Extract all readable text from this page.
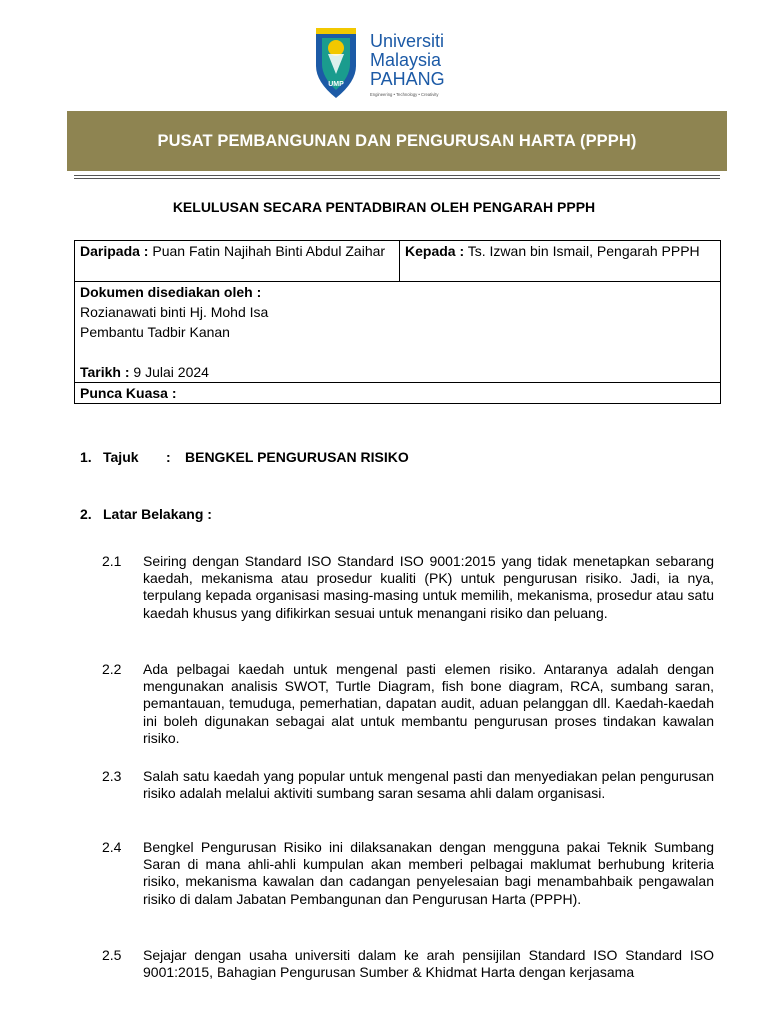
UMP
Universiti
Malaysia
PAHANG
Engineering • Technology • Creativity
PUSAT PEMBANGUNAN DAN PENGURUSAN HARTA (PPPH)
KELULUSAN SECARA PENTADBIRAN OLEH PENGARAH PPPH
Daripada : Puan Fatin Najihah Binti Abdul Zaihar	Kepada : Ts. Izwan bin Ismail, Pengarah PPPH

Dokumen disediakan oleh :
Rozianawati binti Hj. Mohd Isa
Pembantu Tadbir Kanan
Tarikh : 9 Julai 2024

Punca Kuasa :
1. Tajuk : BENGKEL PENGURUSAN RISIKO
2. Latar Belakang :
2.1 Seiring dengan Standard ISO Standard ISO 9001:2015 yang tidak menetapkan sebarang kaedah, mekanisma atau prosedur kualiti (PK) untuk pengurusan risiko. Jadi, ia nya, terpulang kepada organisasi masing-masing untuk memilih, mekanisma, prosedur atau satu kaedah khusus yang difikirkan sesuai untuk menangani risiko dan peluang.
2.2 Ada pelbagai kaedah untuk mengenal pasti elemen risiko. Antaranya adalah dengan mengunakan analisis SWOT, Turtle Diagram, fish bone diagram, RCA, sumbang saran, pemantauan, temuduga, pemerhatian, dapatan audit, aduan pelanggan dll. Kaedah-kaedah ini boleh digunakan sebagai alat untuk membantu pengurusan proses tindakan kawalan risiko.
2.3 Salah satu kaedah yang popular untuk mengenal pasti dan menyediakan pelan pengurusan risiko adalah melalui aktiviti sumbang saran sesama ahli dalam organisasi.
2.4 Bengkel Pengurusan Risiko ini dilaksanakan dengan mengguna pakai Teknik Sumbang Saran di mana ahli-ahli kumpulan akan memberi pelbagai maklumat berhubung kriteria risiko, mekanisma kawalan dan cadangan penyelesaian bagi menambahbaik pengawalan risiko di dalam Jabatan Pembangunan dan Pengurusan Harta (PPPH).
2.5 Sejajar dengan usaha universiti dalam ke arah pensijilan Standard ISO Standard ISO 9001:2015, Bahagian Pengurusan Sumber & Khidmat Harta dengan kerjasama
